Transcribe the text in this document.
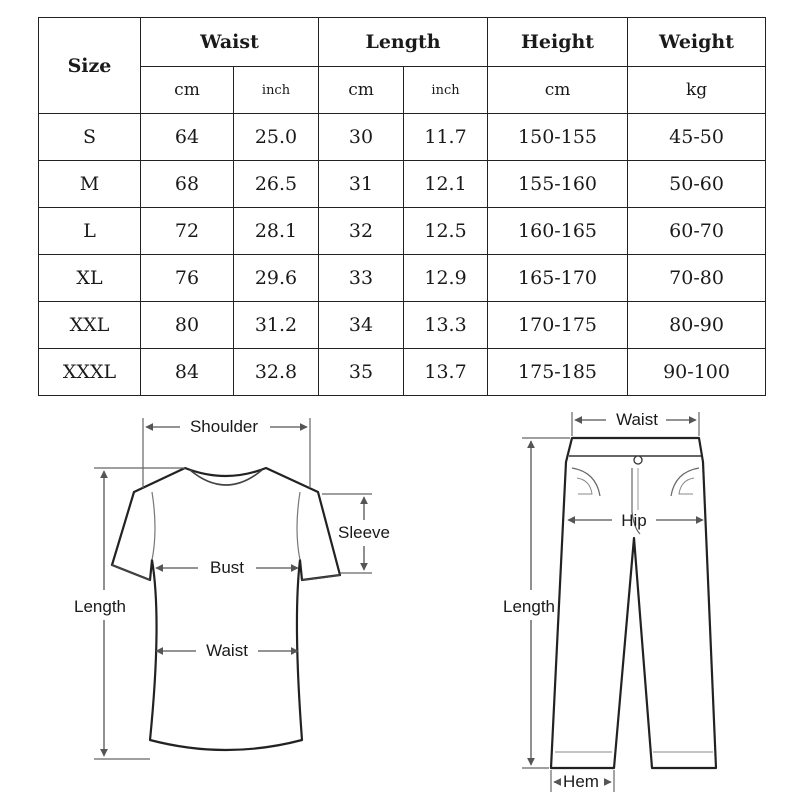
Size	Waist		Length		Height	Weight
	cm	inch	cm	inch	cm	kg
S	64	25.0	30	11.7	150-155	45-50
M	68	26.5	31	12.1	155-160	50-60
L	72	28.1	32	12.5	160-165	60-70
XL	76	29.6	33	12.9	165-170	70-80
XXL	80	31.2	34	13.3	170-175	80-90
XXXL	84	32.8	35	13.7	175-185	90-100
Shoulder
Sleeve
Bust
Waist
Length
Waist
Hip
Length
Hem
